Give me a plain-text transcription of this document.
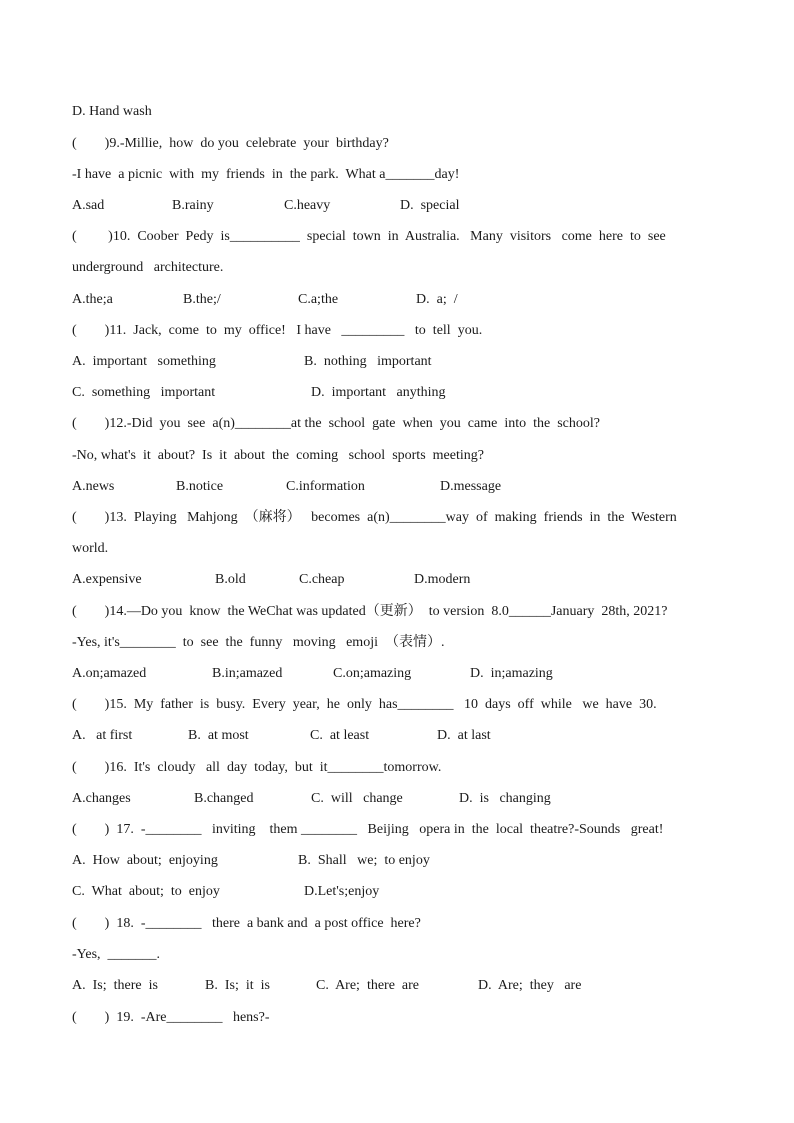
D. Hand wash
(        )9.-Millie,  how  do you  celebrate  your  birthday?
-I have  a picnic  with  my  friends  in  the park.  What a_______day!
A.sad	B.rainy	C.heavy	D.  special
(         )10.  Coober  Pedy  is__________  special  town  in  Australia.   Many  visitors   come  here  to  see
underground   architecture.
A.the;a	B.the;/	C.a;the	D.  a;  /
(        )11.  Jack,  come  to  my  office!   I have   _________   to  tell  you.
A.  important   something	B.  nothing   important
C.  something   important	D.  important   anything
(        )12.-Did  you  see  a(n)________at the  school  gate  when  you  came  into  the  school?
-No, what's  it  about?  Is  it  about  the  coming   school  sports  meeting?
A.news	B.notice	C.information	D.message
(        )13.  Playing   Mahjong  （麻将）   becomes  a(n)________way  of  making  friends  in  the  Western
world.
A.expensive	B.old	C.cheap	D.modern
(        )14.—Do you  know  the WeChat was updated（更新）  to version  8.0______January  28th, 2021?
-Yes, it's________  to  see  the  funny   moving   emoji  （表情）.
A.on;amazed	B.in;amazed	C.on;amazing	D.  in;amazing
(        )15.  My  father  is  busy.  Every  year,  he  only  has________   10  days  off  while   we  have  30.
A.   at first	B.  at most	C.  at least	D.  at last
(        )16.  It's  cloudy   all  day  today,  but  it________tomorrow.
A.changes	B.changed	C.  will   change	D.  is   changing
(        )  17.  -________   inviting    them ________   Beijing   opera in  the  local  theatre?-Sounds   great!
A.  How  about;  enjoying	B.  Shall   we;  to enjoy
C.  What  about;  to  enjoy	D.Let's;enjoy
(        )  18.  -________   there  a bank and  a post office  here?
-Yes,  _______.
A.  Is;  there  is	B.  Is;  it  is	C.  Are;  there  are	D.  Are;  they   are
(        )  19.  -Are________   hens?-
